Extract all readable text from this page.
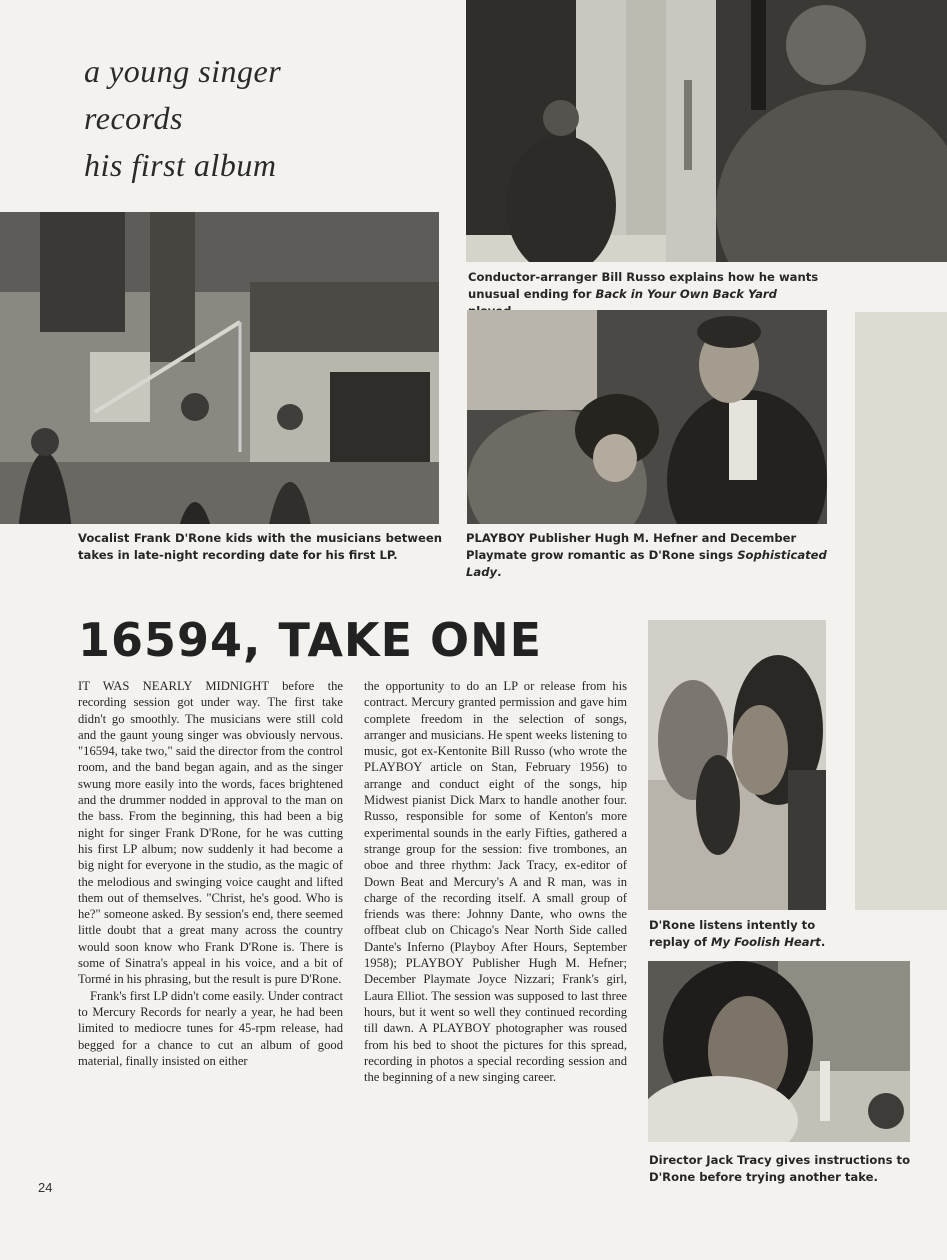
a young singer
records
his first album
Conductor-arranger Bill Russo explains how he wants unusual ending for Back in Your Own Back Yard
PLAYBOY Publisher Hugh M. Hefner and December Playmate grow romantic as D'Rone sings Sophisticated Lady.
Vocalist Frank D'Rone kids with the musicians between takes in late-night recording date for his first LP.
16594, TAKE ONE
D'Rone listens intently to replay of My Foolish Heart.
Director Jack Tracy gives instructions to D'Rone before trying another take.

IT WAS NEARLY MIDNIGHT before the recording session got under way. The first take didn't go smoothly. The musicians were still cold and the gaunt young singer was obviously nervous. "16594, take two," said the director from the control room, and the band began again, and as the singer swung more easily into the words, faces brightened and the drummer nodded in approval to the man on the bass. From the beginning, this had been a big night for singer Frank D'Rone, for he was cutting his first LP album; now suddenly it had become a big night for everyone in the studio, as the magic of the melodious and swinging voice caught and lifted them out of themselves. "Christ, he's good. Who is he?" someone asked. By session's end, there seemed little doubt that a great many across the country would soon know who Frank D'Rone is. There is some of Sinatra's appeal in his voice, and a bit of Tormé in his phrasing, but the result is pure D'Rone.

Frank's first LP didn't come easily. Under contract to Mercury Records for nearly a year, he had been limited to mediocre tunes for 45-rpm release, had begged for a chance to cut an album of good material, finally insisted on either

the opportunity to do an LP or release from his contract. Mercury granted permission and gave him complete freedom in the selection of songs, arranger and musicians. He spent weeks listening to music, got ex-Kentonite Bill Russo (who wrote the PLAYBOY article on Stan, February 1956) to arrange and conduct eight of the songs, hip Midwest pianist Dick Marx to handle another four. Russo, responsible for some of Kenton's more experimental sounds in the early Fifties, gathered a strange group for the session: five trombones, an oboe and three rhythm: Jack Tracy, ex-editor of Down Beat and Mercury's A and R man, was in charge of the recording itself. A small group of friends was there: Johnny Dante, who owns the offbeat club on Chicago's Near North Side called Dante's Inferno (Playboy After Hours, September 1958); PLAYBOY Publisher Hugh M. Hefner; December Playmate Joyce Nizzari; Frank's girl, Laura Elliot. The session was supposed to last three hours, but it went so well they continued recording till dawn. A PLAYBOY photographer was roused from his bed to shoot the pictures for this spread, recording in photos a special recording session and the beginning of a new singing career.

24
